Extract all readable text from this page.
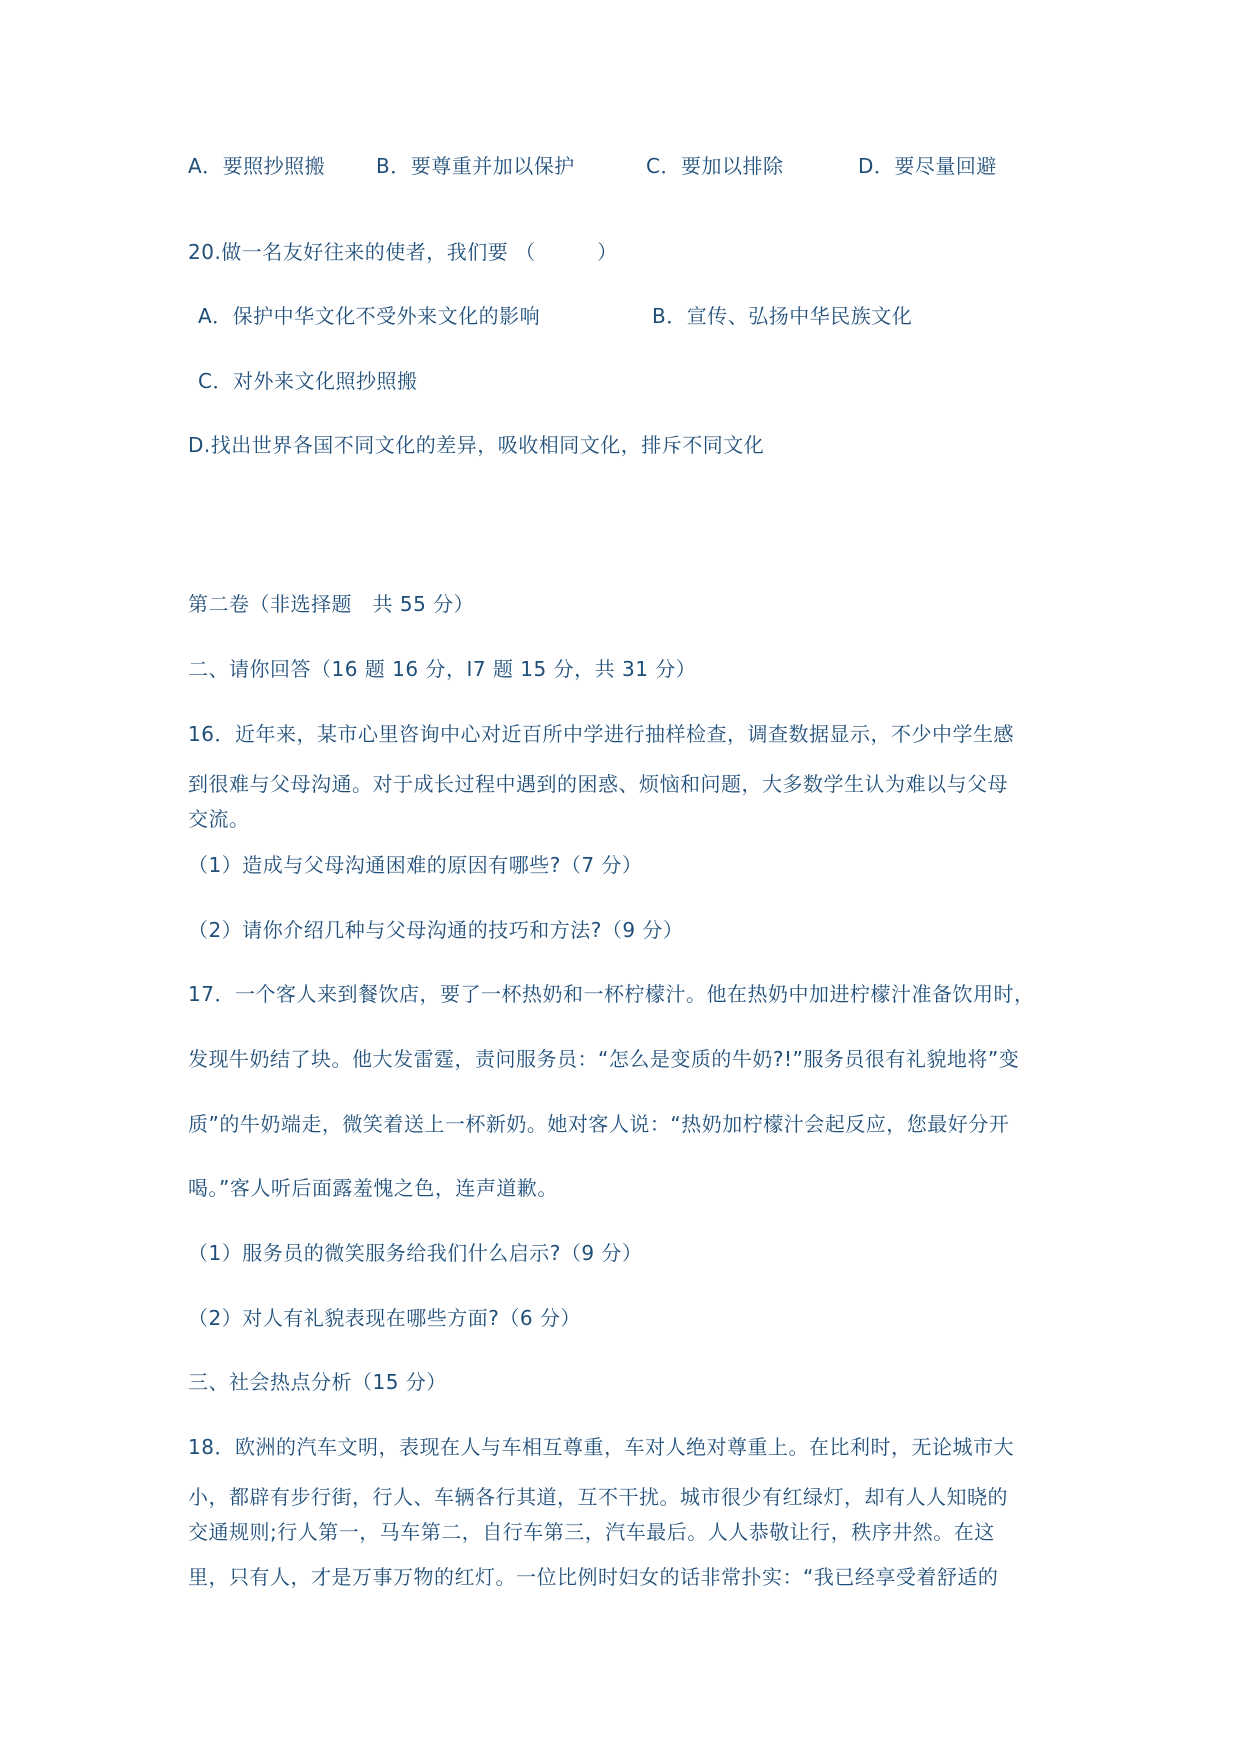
A．要照抄照搬	B．要尊重并加以保护	C．要加以排除	D．要尽量回避
20.做一名友好往来的使者，我们要 （　　　）
A．保护中华文化不受外来文化的影响	B．宣传、弘扬中华民族文化
C．对外来文化照抄照搬
D.找出世界各国不同文化的差异，吸收相同文化，排斥不同文化
第二卷（非选择题　共 55 分）
二、请你回答（16 题 16 分，I7 题 15 分，共 31 分）
16．近年来，某市心里咨询中心对近百所中学进行抽样检查，调查数据显示，不少中学生感
到很难与父母沟通。对于成长过程中遇到的困惑、烦恼和问题，大多数学生认为难以与父母
交流。
（1）造成与父母沟通困难的原因有哪些?（7 分）
（2）请你介绍几种与父母沟通的技巧和方法?（9 分）
17．一个客人来到餐饮店，要了一杯热奶和一杯柠檬汁。他在热奶中加进柠檬汁准备饮用时，
发现牛奶结了块。他大发雷霆，责问服务员：“怎么是变质的牛奶?!”服务员很有礼貌地将”变
质”的牛奶端走，微笑着送上一杯新奶。她对客人说：“热奶加柠檬汁会起反应，您最好分开
喝。”客人听后面露羞愧之色，连声道歉。
（1）服务员的微笑服务给我们什么启示?（9 分）
（2）对人有礼貌表现在哪些方面?（6 分）
三、社会热点分析（15 分）
18．欧洲的汽车文明，表现在人与车相互尊重，车对人绝对尊重上。在比利时，无论城市大
小，都辟有步行街，行人、车辆各行其道，互不干扰。城市很少有红绿灯，却有人人知晓的
交通规则;行人第一，马车第二，自行车第三，汽车最后。人人恭敬让行，秩序井然。在这
里，只有人，才是万事万物的红灯。一位比例时妇女的话非常扑实：“我已经享受着舒适的
